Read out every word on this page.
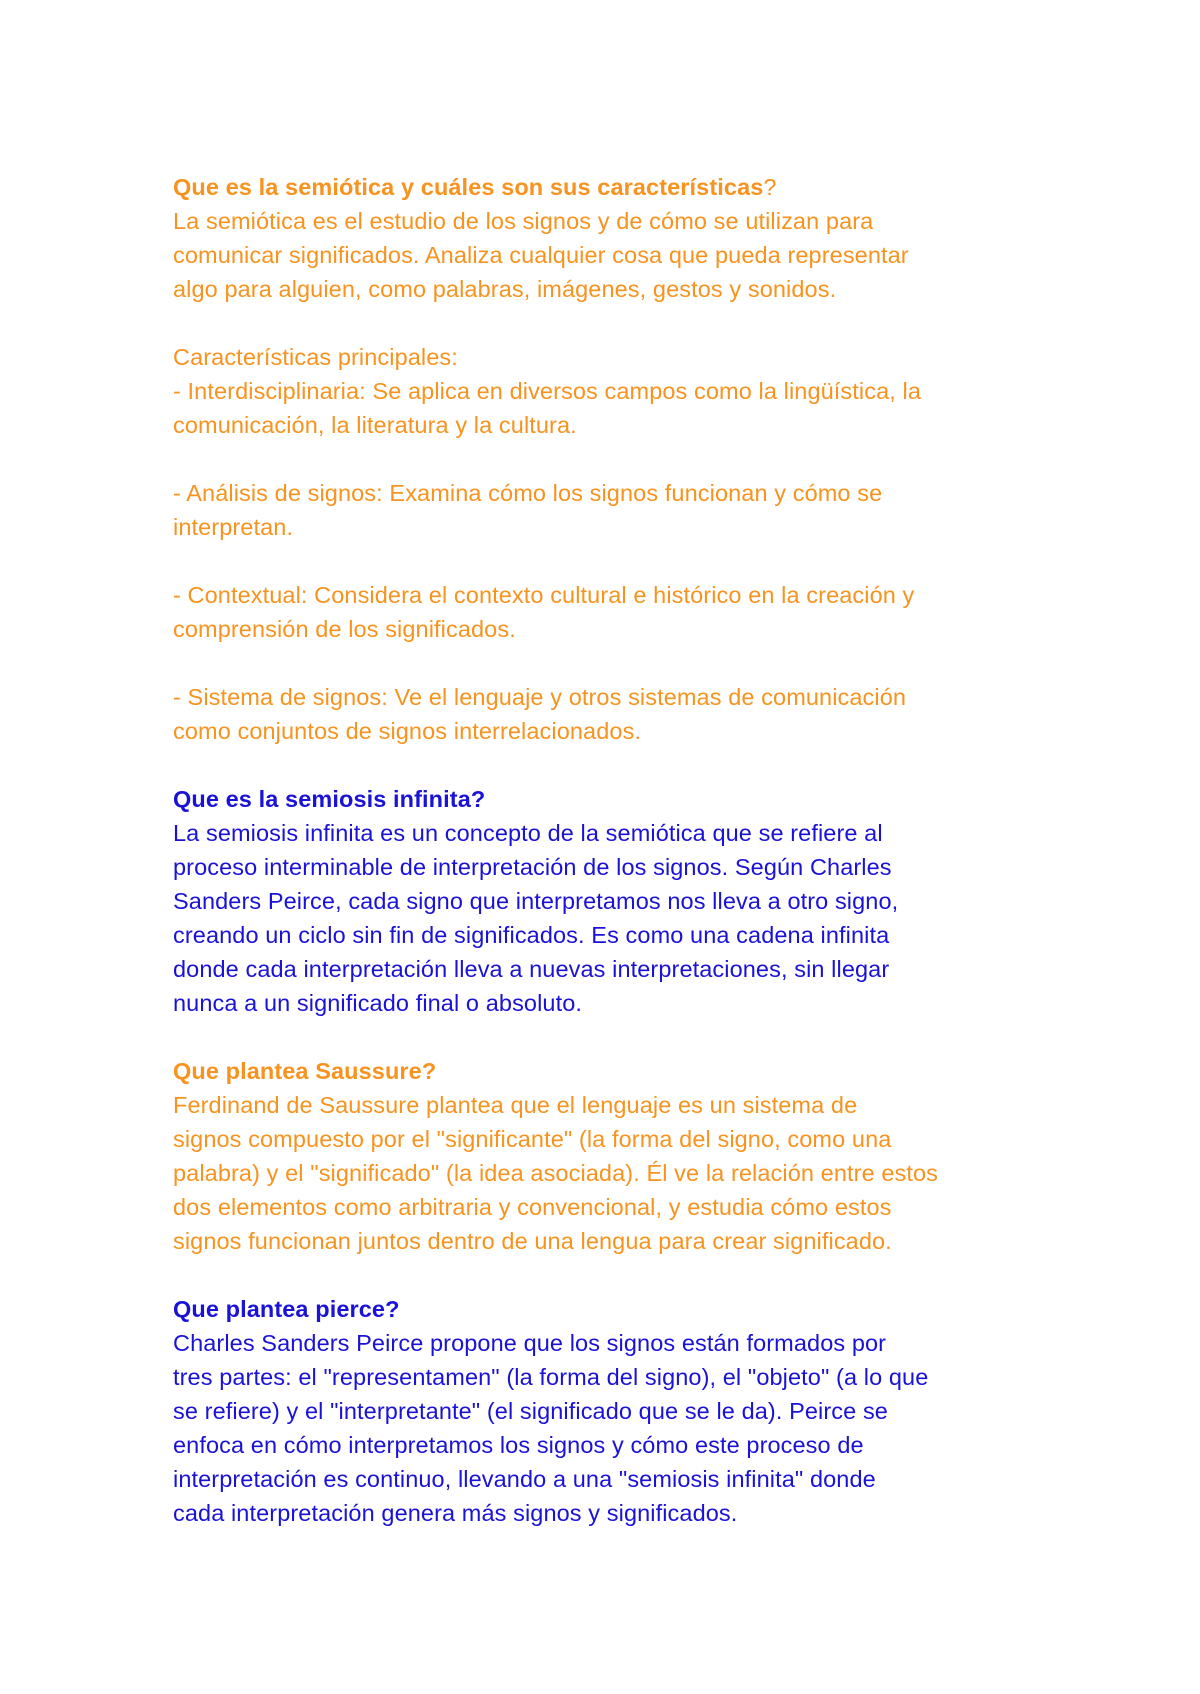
Que es la semiótica y cuáles son sus características?

La semiótica es el estudio de los signos y de cómo se utilizan para
comunicar significados. Analiza cualquier cosa que pueda representar
algo para alguien, como palabras, imágenes, gestos y sonidos.

Características principales:

- Interdisciplinaria: Se aplica en diversos campos como la lingüística, la
comunicación, la literatura y la cultura.
- Análisis de signos: Examina cómo los signos funcionan y cómo se
interpretan.
- Contextual: Considera el contexto cultural e histórico en la creación y
comprensión de los significados.
- Sistema de signos: Ve el lenguaje y otros sistemas de comunicación
como conjuntos de signos interrelacionados.

Que es la semiosis infinita?

La semiosis infinita es un concepto de la semiótica que se refiere al
proceso interminable de interpretación de los signos. Según Charles
Sanders Peirce, cada signo que interpretamos nos lleva a otro signo,
creando un ciclo sin fin de significados. Es como una cadena infinita
donde cada interpretación lleva a nuevas interpretaciones, sin llegar
nunca a un significado final o absoluto.

Que plantea Saussure?

Ferdinand de Saussure plantea que el lenguaje es un sistema de
signos compuesto por el "significante" (la forma del signo, como una
palabra) y el "significado" (la idea asociada). Él ve la relación entre estos
dos elementos como arbitraria y convencional, y estudia cómo estos
signos funcionan juntos dentro de una lengua para crear significado.

Que plantea pierce?

Charles Sanders Peirce propone que los signos están formados por
tres partes: el "representamen" (la forma del signo), el "objeto" (a lo que
se refiere) y el "interpretante" (el significado que se le da). Peirce se
enfoca en cómo interpretamos los signos y cómo este proceso de
interpretación es continuo, llevando a una "semiosis infinita" donde
cada interpretación genera más signos y significados.
